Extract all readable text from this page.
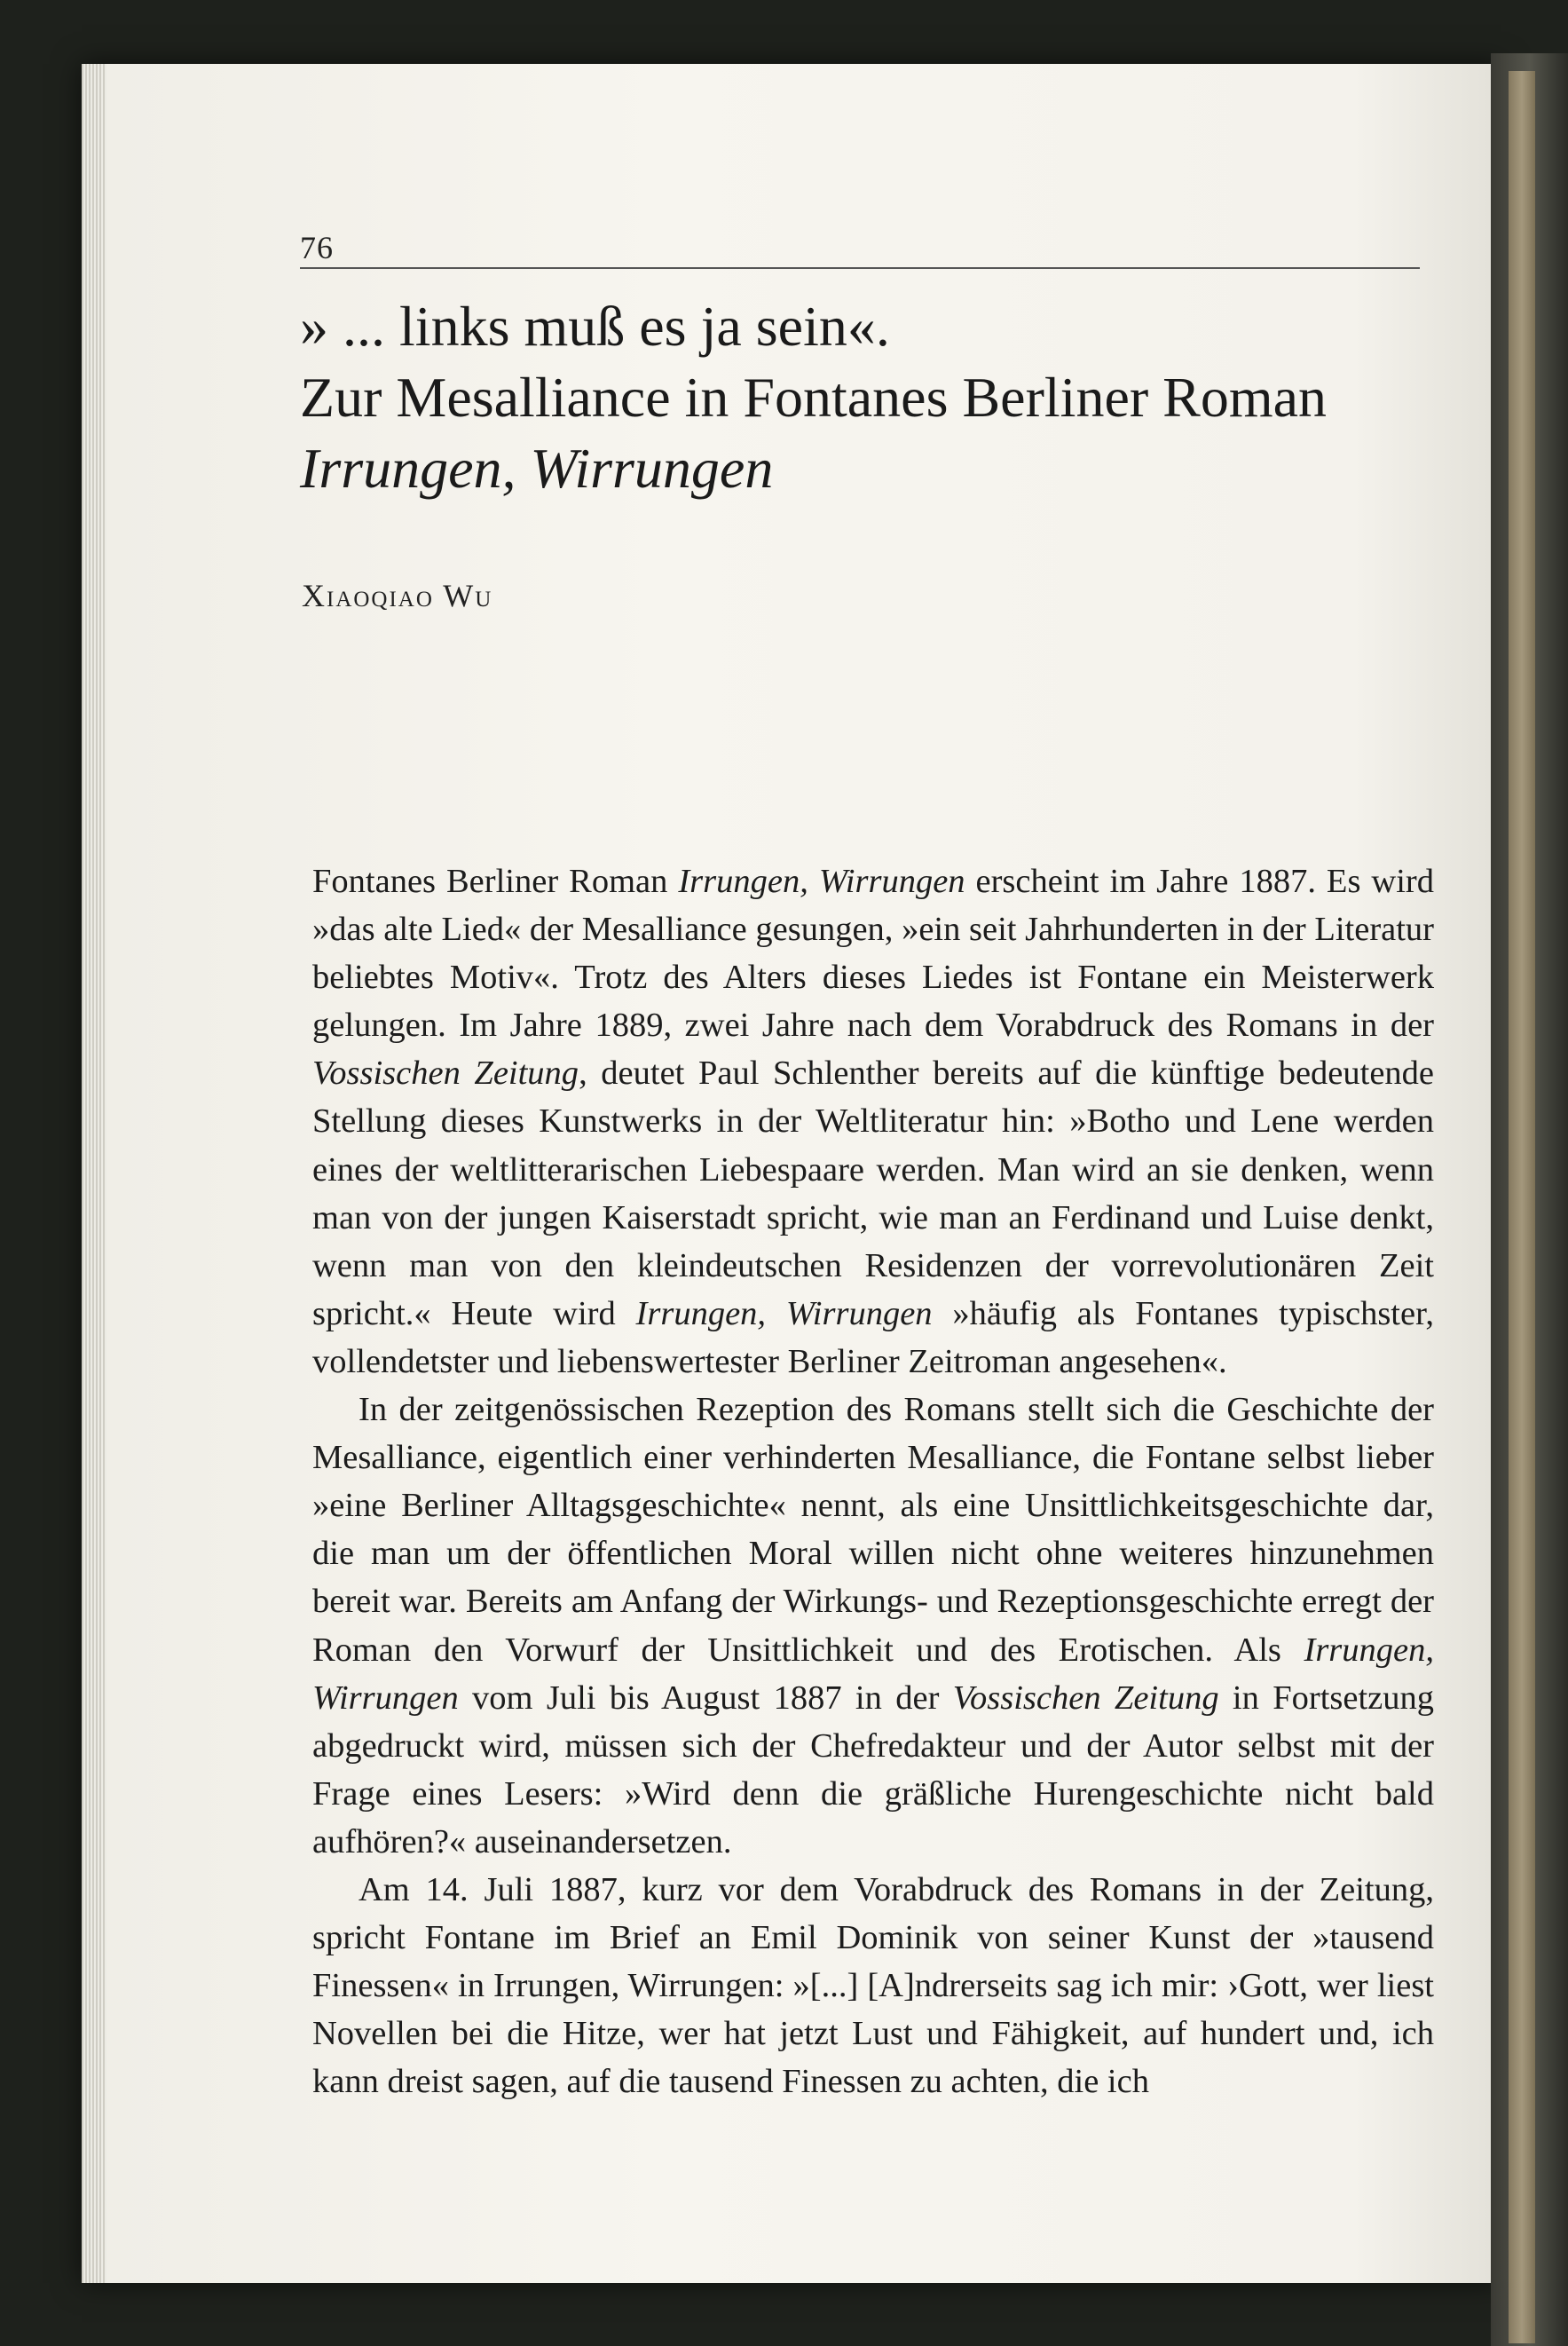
76
» ... links muß es ja sein«.
Zur Mesalliance in Fontanes Berliner Roman
Irrungen, Wirrungen
Xiaoqiao Wu

Fontanes Berliner Roman Irrungen, Wirrungen erscheint im Jahre 1887. Es wird »das alte Lied« der Mesalliance gesungen, »ein seit Jahrhunderten in der Literatur beliebtes Motiv«. Trotz des Alters dieses Liedes ist Fontane ein Meisterwerk gelungen. Im Jahre 1889, zwei Jahre nach dem Vorabdruck des Romans in der Vossischen Zeitung, deutet Paul Schlenther bereits auf die künftige bedeutende Stellung dieses Kunstwerks in der Weltliteratur hin: »Botho und Lene werden eines der weltlitterarischen Liebespaare werden. Man wird an sie denken, wenn man von der jungen Kaiserstadt spricht, wie man an Ferdinand und Luise denkt, wenn man von den kleindeutschen Residenzen der vorrevolutionären Zeit spricht.« Heute wird Irrungen, Wirrungen »häufig als Fontanes typischster, vollendetster und liebenswertester Berliner Zeitroman angesehen«.

In der zeitgenössischen Rezeption des Romans stellt sich die Geschichte der Mesalliance, eigentlich einer verhinderten Mesalliance, die Fontane selbst lieber »eine Berliner Alltagsgeschichte« nennt, als eine Unsittlichkeitsgeschichte dar, die man um der öffentlichen Moral willen nicht ohne weiteres hinzunehmen bereit war. Bereits am Anfang der Wirkungs- und Rezeptionsgeschichte erregt der Roman den Vorwurf der Unsittlichkeit und des Erotischen. Als Irrungen, Wirrungen vom Juli bis August 1887 in der Vossischen Zeitung in Fortsetzung abgedruckt wird, müssen sich der Chefredakteur und der Autor selbst mit der Frage eines Lesers: »Wird denn die gräßliche Hurengeschichte nicht bald aufhören?« auseinandersetzen.

Am 14. Juli 1887, kurz vor dem Vorabdruck des Romans in der Zeitung, spricht Fontane im Brief an Emil Dominik von seiner Kunst der »tausend Finessen« in Irrungen, Wirrungen: »[...] [A]ndrerseits sag ich mir: ›Gott, wer liest Novellen bei die Hitze, wer hat jetzt Lust und Fähigkeit, auf hundert und, ich kann dreist sagen, auf die tausend Finessen zu achten, die ich
